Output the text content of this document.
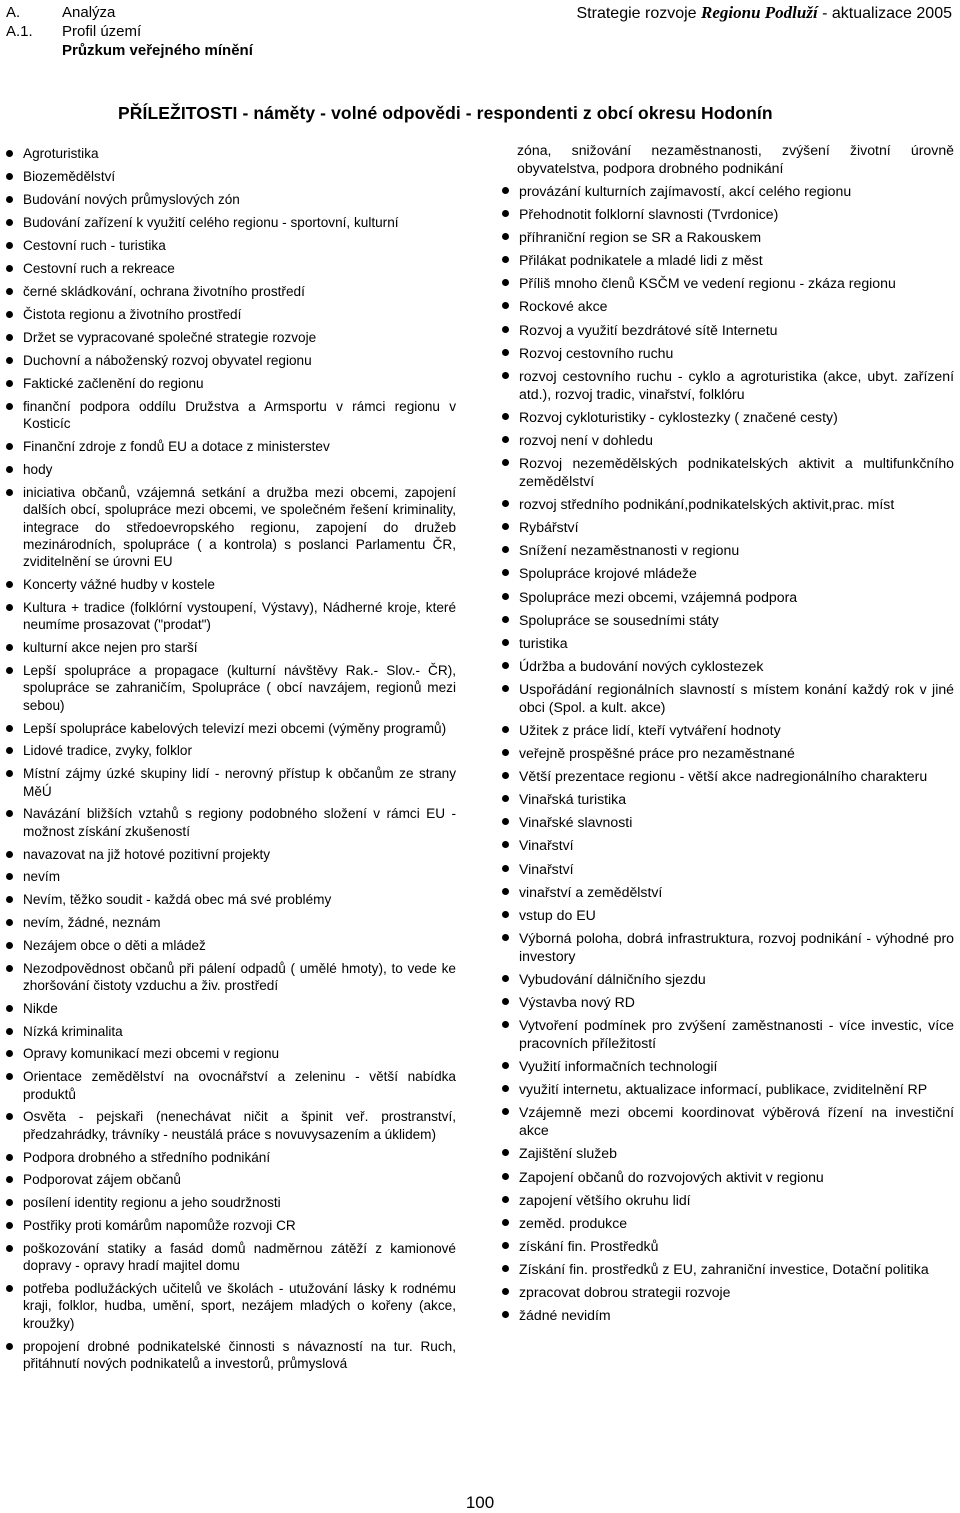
A.	Analýza
A.1.	Profil území
Průzkum veřejného mínění
Strategie rozvoje Regionu Podluží - aktualizace 2005
PŘÍLEŽITOSTI - náměty - volné odpovědi - respondenti z obcí okresu Hodonín
Agroturistika
Biozemědělství
Budování nových průmyslových zón
Budování zařízení k využití celého regionu - sportovní, kulturní
Cestovní ruch - turistika
Cestovní ruch a rekreace
černé skládkování, ochrana životního prostředí
Čistota regionu a životního prostředí
Držet se vypracované společné strategie rozvoje
Duchovní a náboženský rozvoj obyvatel regionu
Faktické začlenění do regionu
finanční podpora oddílu Družstva a Armsportu v rámci regionu v Kosticíc
Finanční zdroje z fondů EU a dotace z ministerstev
hody
iniciativa občanů, vzájemná setkání a družba mezi obcemi, zapojení dalších obcí, spolupráce mezi obcemi, ve společném řešení kriminality, integrace do středoevropského regionu, zapojení do družeb mezinárodních, spolupráce ( a kontrola) s poslanci Parlamentu ČR, zviditelnění se úrovni EU
Koncerty vážné hudby v kostele
Kultura + tradice (folklórní vystoupení, Výstavy), Nádherné kroje, které neumíme prosazovat ("prodat")
kulturní akce nejen pro starší
Lepší spolupráce a propagace (kulturní návštěvy Rak.- Slov.- ČR), spolupráce se zahraničím, Spolupráce ( obcí navzájem, regionů mezi sebou)
Lepší spolupráce kabelových televizí mezi obcemi (výměny programů)
Lidové tradice, zvyky, folklor
Místní zájmy úzké skupiny lidí - nerovný přístup k občanům ze strany MěÚ
Navázání bližších vztahů s regiony podobného složení v rámci EU - možnost získání zkušeností
navazovat na již hotové pozitivní projekty
nevím
Nevím, těžko soudit - každá obec má své problémy
nevím, žádné, neznám
Nezájem obce o děti a mládež
Nezodpovědnost občanů při pálení odpadů ( umělé hmoty), to vede ke zhoršování čistoty vzduchu a živ. prostředí
Nikde
Nízká kriminalita
Opravy komunikací mezi obcemi v regionu
Orientace zemědělství na ovocnářství a zeleninu - větší nabídka produktů
Osvěta - pejskaři (nenechávat ničit a špinit veř. prostranství, předzahrádky, trávníky - neustálá práce s novuvysazením a úklidem)
Podpora drobného a středního podnikání
Podporovat zájem občanů
posílení identity regionu a jeho soudržnosti
Postřiky proti komárům napomůže rozvoji CR
poškozování statiky a fasád domů nadměrnou zátěží z kamionové dopravy - opravy hradí majitel domu
potřeba podlužáckých učitelů ve školách - utužování lásky k rodnému kraji, folklor, hudba, umění, sport, nezájem mladých o kořeny (akce, kroužky)
propojení drobné podnikatelské činnosti s návazností na tur. Ruch, přitáhnutí nových podnikatelů a investorů, průmyslová
zóna, snižování nezaměstnanosti, zvýšení životní úrovně obyvatelstva, podpora drobného podnikání
provázání kulturních zajímavostí, akcí celého regionu
Přehodnotit folklorní slavnosti (Tvrdonice)
příhraniční region se SR a Rakouskem
Přilákat podnikatele a mladé lidi z měst
Příliš mnoho členů KSČM ve vedení regionu - zkáza regionu
Rockové akce
Rozvoj a využití bezdrátové sítě Internetu
Rozvoj cestovního ruchu
rozvoj cestovního ruchu - cyklo a agroturistika (akce, ubyt. zařízení atd.), rozvoj tradic, vinařství, folklóru
Rozvoj cykloturistiky - cyklostezky ( značené cesty)
rozvoj není v dohledu
Rozvoj nezemědělských podnikatelských aktivit a multifunkčního zemědělství
rozvoj středního podnikání,podnikatelských aktivit,prac. míst
Rybářství
Snížení nezaměstnanosti v regionu
Spolupráce krojové mládeže
Spolupráce mezi obcemi, vzájemná podpora
Spolupráce se sousedními státy
turistika
Údržba a budování nových cyklostezek
Uspořádání regionálních slavností s místem konání každý rok v jiné obci (Spol. a kult. akce)
Užitek z práce lidí, kteří vytváření hodnoty
veřejně prospěšné práce pro nezaměstnané
Větší prezentace regionu - větší akce nadregionálního charakteru
Vinařská turistika
Vinařské slavnosti
Vinařství
Vinařství
vinařství a zemědělství
vstup do EU
Výborná poloha, dobrá infrastruktura, rozvoj podnikání - výhodné pro investory
Vybudování dálničního sjezdu
Výstavba nový RD
Vytvoření podmínek pro zvýšení zaměstnanosti - více investic, více pracovních příležitostí
Využití informačních technologií
využití internetu, aktualizace informací, publikace, zviditelnění RP
Vzájemně mezi obcemi koordinovat výběrová řízení na investiční akce
Zajištění služeb
Zapojení občanů do rozvojových aktivit v regionu
zapojení většího okruhu lidí
zeměd. produkce
získání fin. Prostředků
Získání fin. prostředků z EU, zahraniční investice, Dotační politika
zpracovat dobrou strategii rozvoje
žádné nevidím
100
